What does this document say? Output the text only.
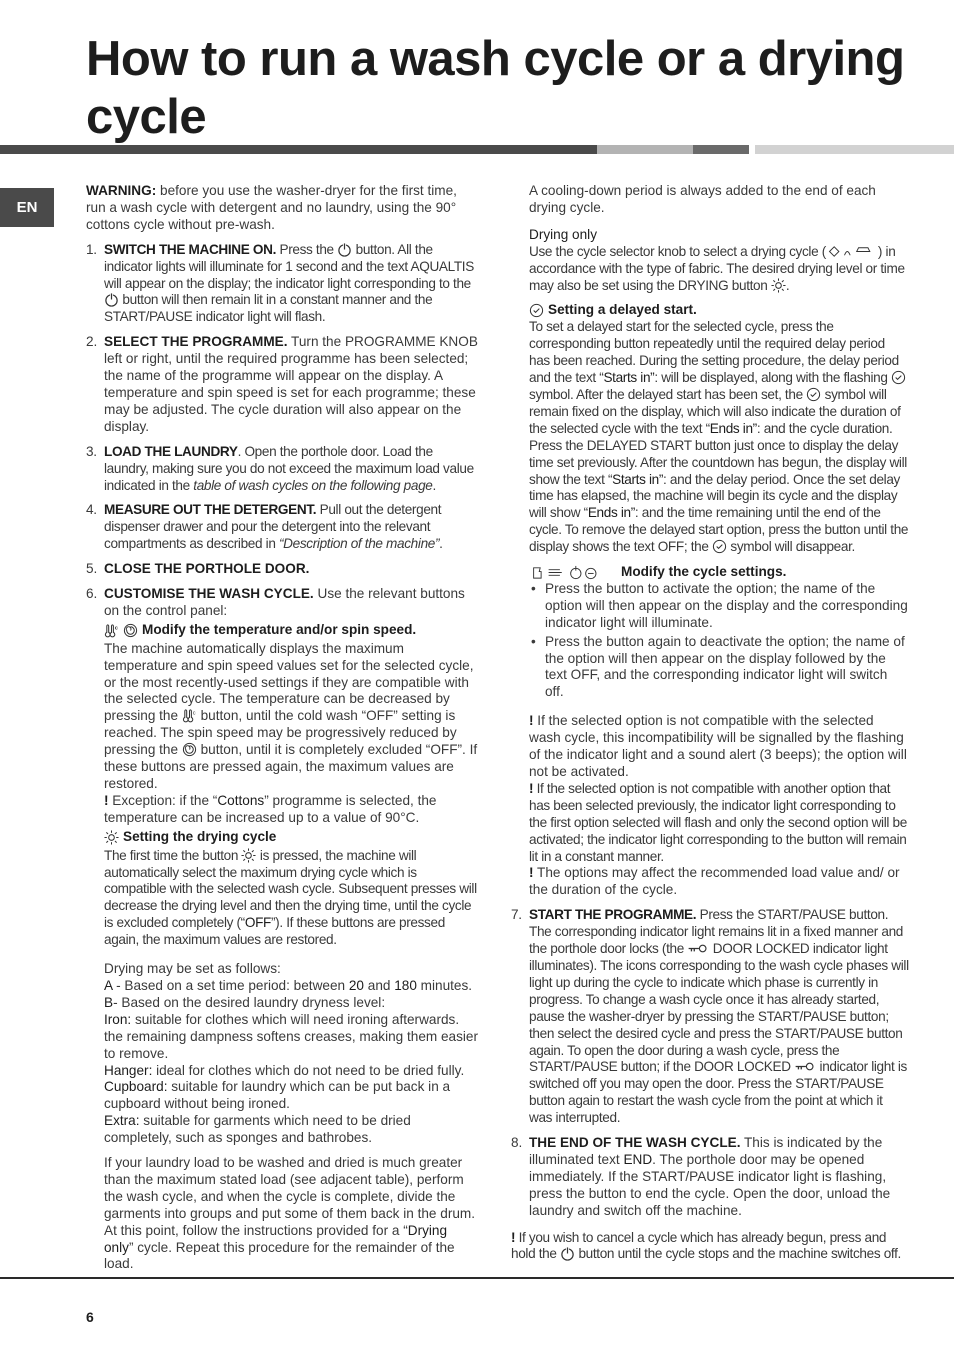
How to run a wash cycle or a drying cycle
EN

WARNING: before you use the washer-dryer for the first time, run a wash cycle with detergent and no laundry, using the 90° cottons cycle without pre-wash.

1. SWITCH THE MACHINE ON. Press the  button. All the indicator lights will illuminate for 1 second and the text AQUALTIS will appear on the display; the indicator light corresponding to the  button will then remain lit in a constant manner and the START/PAUSE indicator light will flash.
2. SELECT THE PROGRAMME. Turn the PROGRAMME KNOB left or right, until the required programme has been selected; the name of the programme will appear on the display. A temperature and spin speed is set for each programme; these may be adjusted. The cycle duration will also appear on the display.
3. LOAD THE LAUNDRY. Open the porthole door. Load the laundry, making sure you do not exceed the maximum load value indicated in the table of wash cycles on the following page.
4. MEASURE OUT THE DETERGENT. Pull out the detergent dispenser drawer and pour the detergent into the relevant compartments as described in “Description of the machine”.
5. CLOSE THE PORTHOLE DOOR.
6. CUSTOMISE THE WASH CYCLE. Use the relevant buttons on the control panel:
c Modify the temperature and/or spin speed.

The machine automatically displays the maximum temperature and spin speed values set for the selected cycle, or the most recently-used settings if they are compatible with the selected cycle. The temperature can be decreased by pressing the c button, until the cold wash “OFF” setting is reached. The spin speed may be progressively reduced by pressing the  button, until it is completely excluded “OFF”. If these buttons are pressed again, the maximum values are restored.
! Exception: if the “Cottons” programme is selected, the temperature can be increased up to a value of 90°C.

Setting the drying cycle

The first time the button  is pressed, the machine will automatically select the maximum drying cycle which is compatible with the selected wash cycle. Subsequent presses will decrease the drying level and then the drying time, until the cycle is excluded completely (“OFF”). If these buttons are pressed again, the maximum values are restored.

Drying may be set as follows:
A - Based on a set time period: between 20 and 180 minutes.
B- Based on the desired laundry dryness level:
Iron: suitable for clothes which will need ironing afterwards. the remaining dampness softens creases, making them easier to remove.
Hanger: ideal for clothes which do not need to be dried fully.
Cupboard: suitable for laundry which can be put back in a cupboard without being ironed.
Extra: suitable for garments which need to be dried completely, such as sponges and bathrobes.

If your laundry load to be washed and dried is much greater than the maximum stated load (see adjacent table), perform the wash cycle, and when the cycle is complete, divide the garments into groups and put some of them back in the drum. At this point, follow the instructions provided for a “Drying only” cycle. Repeat this procedure for the remainder of the load.

A cooling-down period is always added to the end of each drying cycle.

Drying only

Use the cycle selector knob to select a drying cycle (	) in accordance with the type of fabric. The desired drying level or time may also be set using the DRYING button .

Setting a delayed start.

To set a delayed start for the selected cycle, press the corresponding button repeatedly until the required delay period has been reached. During the setting procedure, the delay period and the text “Starts in”: will be displayed, along with the flashing  symbol. After the delayed start has been set, the  symbol will remain fixed on the display, which will also indicate the duration of the selected cycle with the text “Ends in”: and the cycle duration. Press the DELAYED START button just once to display the delay time set previously. After the countdown has begun, the display will show the text “Starts in”: and the delay period. Once the set delay time has elapsed, the machine will begin its cycle and the display will show “Ends in”: and the time remaining until the end of the cycle. To remove the delayed start option, press the button until the display shows the text OFF; the  symbol will disappear.

Modify the cycle settings.
• Press the button to activate the option; the name of the option will then appear on the display and the corresponding indicator light will illuminate.
• Press the button again to deactivate the option; the name of the option will then appear on the display followed by the text OFF, and the corresponding indicator light will switch off.

! If the selected option is not compatible with the selected wash cycle, this incompatibility will be signalled by the flashing of the indicator light and a sound alert (3 beeps); the option will not be activated.

! If the selected option is not compatible with another option that has been selected previously, the indicator light corresponding to the first option selected will flash and only the second option will be activated; the indicator light corresponding to the button will remain lit in a constant manner.

! The options may affect the recommended load value and/ or the duration of the cycle.

7. START THE PROGRAMME. Press the START/PAUSE button. The corresponding indicator light remains lit in a fixed manner and the porthole door locks (the  DOOR LOCKED indicator light illuminates). The icons corresponding to the wash cycle phases will light up during the cycle to indicate which phase is currently in progress. To change a wash cycle once it has already started, pause the washer-dryer by pressing the START/PAUSE button; then select the desired cycle and press the START/PAUSE button again. To open the door during a wash cycle, press the START/PAUSE button; if the DOOR LOCKED  indicator light is switched off you may open the door. Press the START/PAUSE button again to restart the wash cycle from the point at which it was interrupted.
8. THE END OF THE WASH CYCLE. This is indicated by the illuminated text END. The porthole door may be opened immediately. If the START/PAUSE indicator light is flashing, press the button to end the cycle. Open the door, unload the laundry and switch off the machine.

! If you wish to cancel a cycle which has already begun, press and hold the  button until the cycle stops and the machine switches off.

6
